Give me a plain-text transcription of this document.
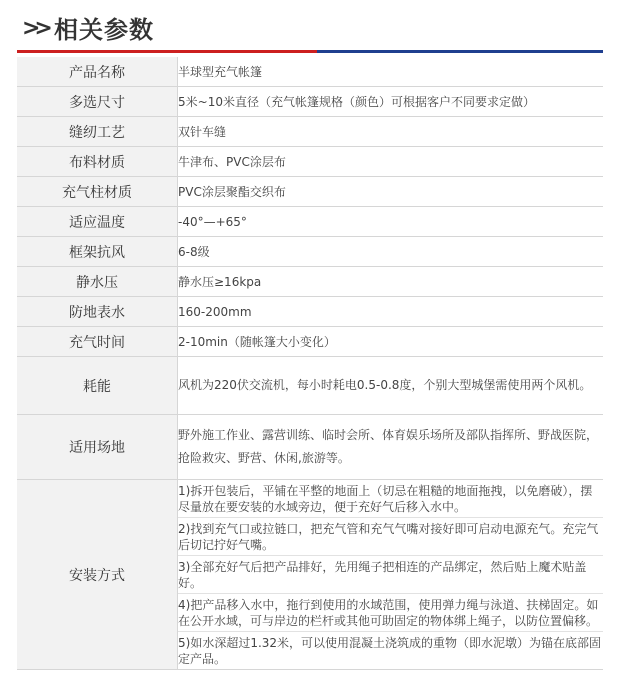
>> 相关参数
产品名称	半球型充气帐篷
多选尺寸	5米~10米直径（充气帐篷规格（颜色）可根据客户不同要求定做）
缝纫工艺	双针车缝
布料材质	牛津布、PVC涂层布
充气柱材质	PVC涂层聚酯交织布
适应温度	-40°—+65°
框架抗风	6-8级
静水压	静水压≥16kpa
防地表水	160-200mm
充气时间	2-10min（随帐篷大小变化）
耗能	风机为220伏交流机，每小时耗电0.5-0.8度，个别大型城堡需使用两个风机。
适用场地	野外施工作业、露营训练、临时会所、体育娱乐场所及部队指挥所、野战医院，抢险救灾、野营、休闲,旅游等。
安装方式	1)拆开包装后，平铺在平整的地面上（切忌在粗糙的地面拖拽，以免磨破），摆尽量放在要安装的水域旁边，便于充好气后移入水中。

2)找到充气口或拉链口，把充气管和充气气嘴对接好即可启动电源充气。充完气后切记拧好气嘴。

3)全部充好气后把产品排好，先用绳子把相连的产品绑定，然后贴上魔术贴盖好。

4)把产品移入水中，拖行到使用的水域范围，使用弹力绳与泳道、扶梯固定。如在公开水域，可与岸边的栏杆或其他可助固定的物体绑上绳子，以防位置偏移。

5)如水深超过1.32米，可以使用混凝土浇筑成的重物（即水泥墩）为锚在底部固定产品。
